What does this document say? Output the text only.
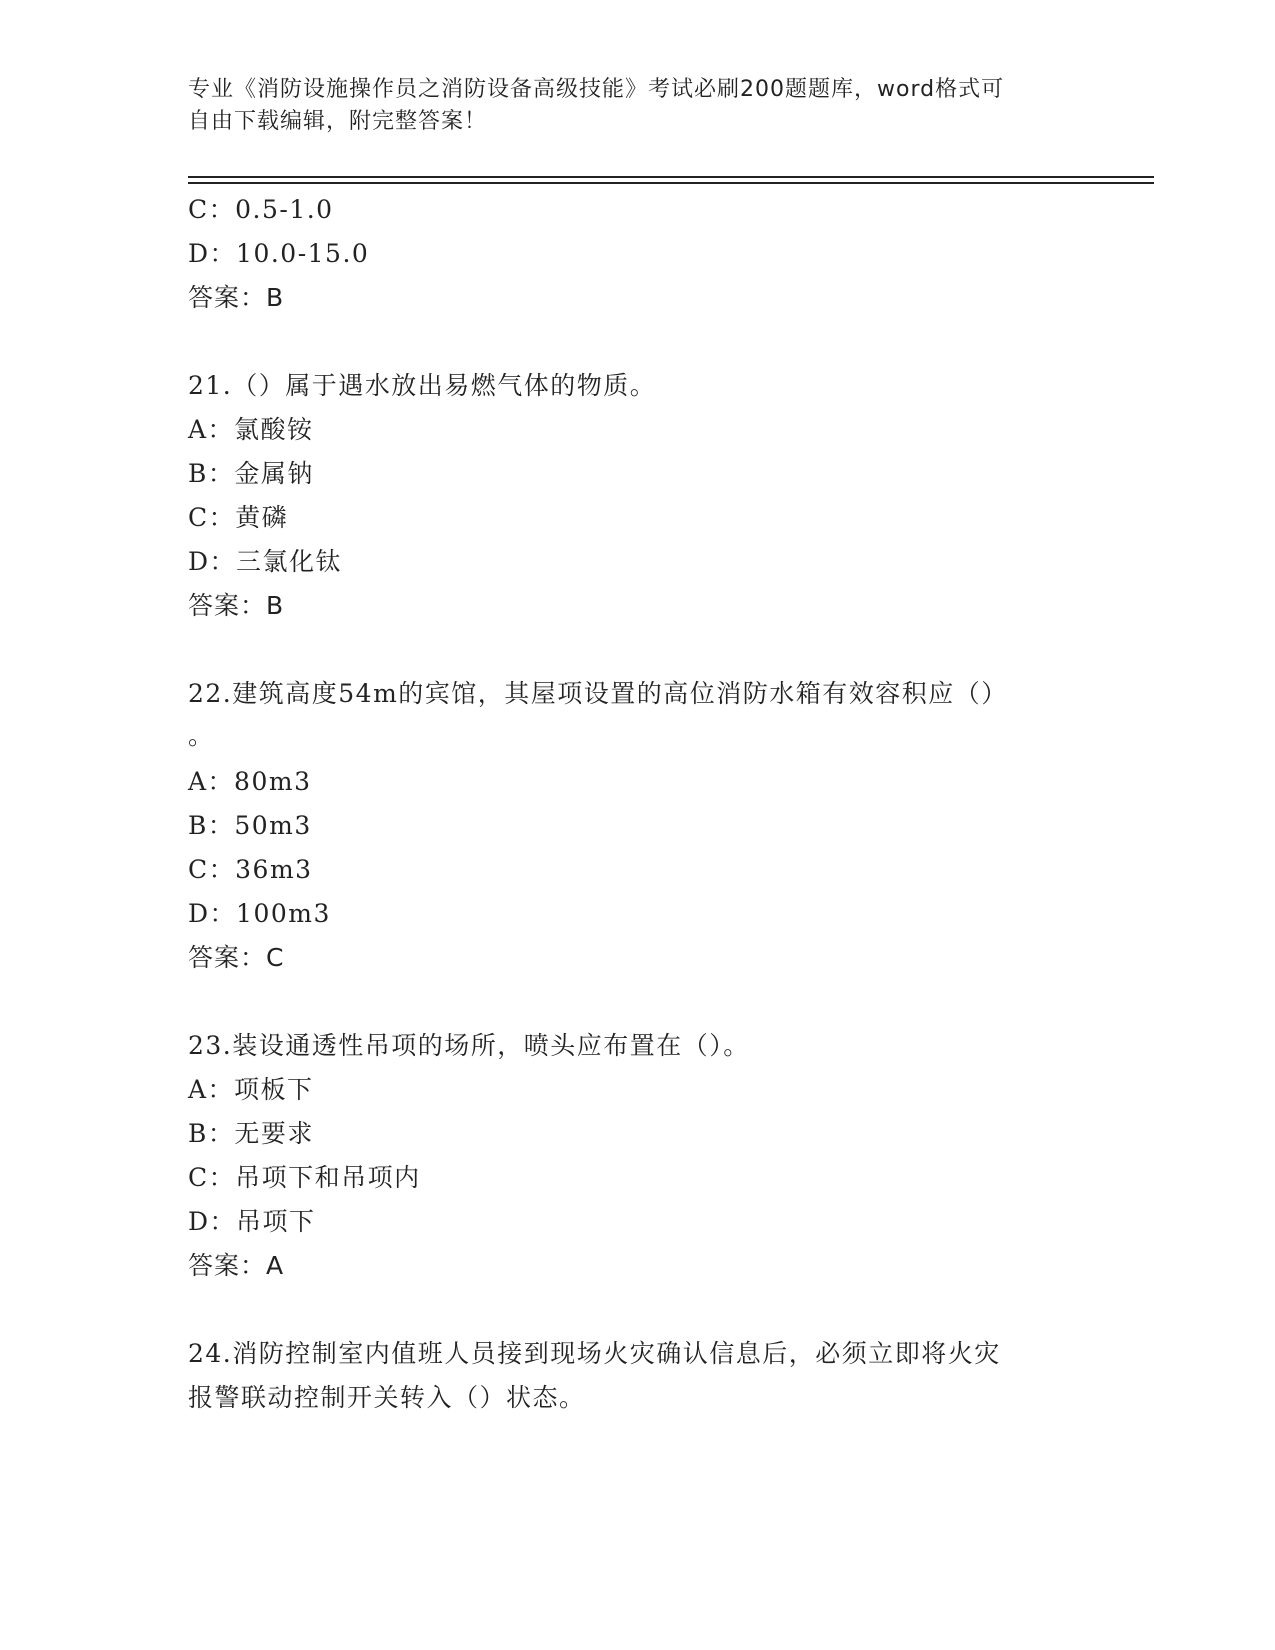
专业《消防设施操作员之消防设备高级技能》考试必刷200题题库，word格式可
自由下载编辑，附完整答案！
C：0.5-1.0
D：10.0-15.0
答案：B
21.（）属于遇水放出易燃气体的物质。
A：氯酸铵
B：金属钠
C：黄磷
D：三氯化钛
答案：B
22.建筑高度54m的宾馆，其屋项设置的高位消防水箱有效容积应（）
。
A：80m3
B：50m3
C：36m3
D：100m3
答案：C
23.装设通透性吊项的场所，喷头应布置在（）。
A：项板下
B：无要求
C：吊项下和吊项内
D：吊项下
答案：A
24.消防控制室内值班人员接到现场火灾确认信息后，必须立即将火灾
报警联动控制开关转入（）状态。
